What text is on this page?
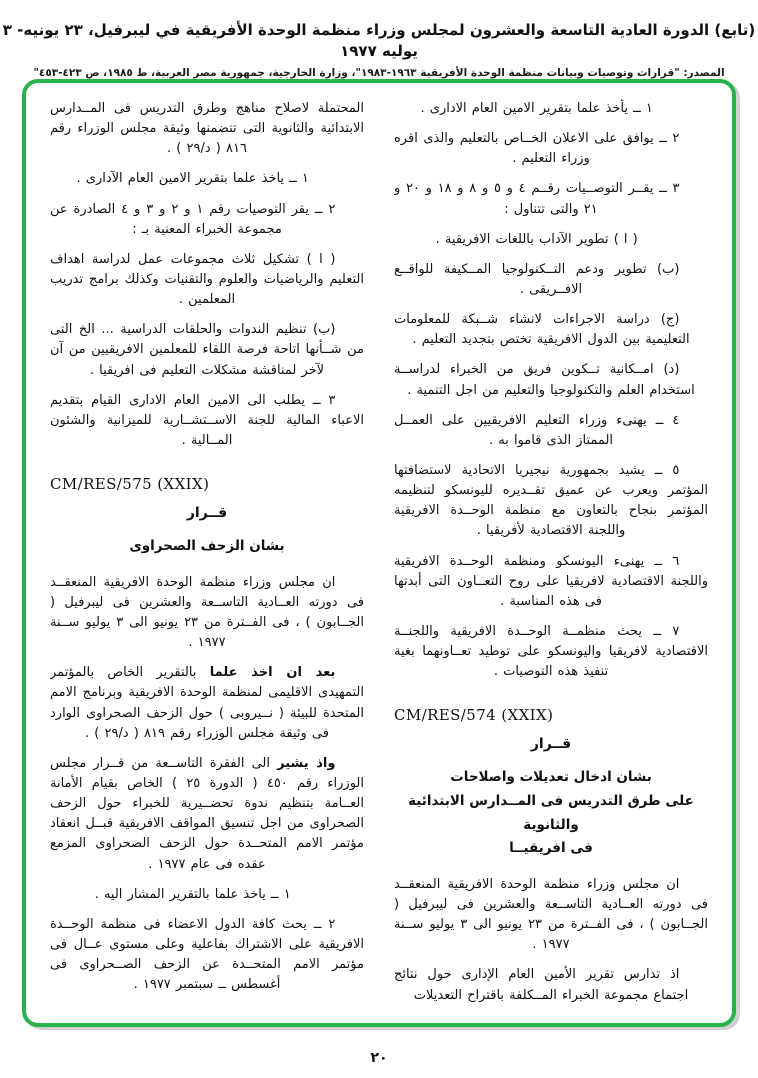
(تابع) الدورة العادية التاسعة والعشرون لمجلس وزراء منظمة الوحدة الأفريقية في ليبرفيل، ٢٣ يونيه- ٣ يوليه ١٩٧٧
المصدر: "قرارات وتوصيات وبيانات منظمة الوحدة الأفريقية ١٩٦٣-١٩٨٣"، وزارة الخارجية، جمهورية مصر العربية، ط ١٩٨٥، ص ٤٢٣-٤٥٣"

١ ــ يأخذ علما بتقرير الامين العام الادارى .

٢ ــ يوافق على الاعلان الخــاص بالتعليم والذى اقره وزراء التعليم .

٣ ــ يقــر التوصــيات رقــم ٤ و ٥ و ٨ و ١٨ و ٢٠ و ٢١ والتى تتناول :

( ا ) تطوير الآداب باللغات الافريقية .

(ب) تطوير ودعم التــكنولوجيا المــكيفة للواقــع الافــريقى .

(ج) دراسة الاجراءات لانشاء شــبكة للمعلومات التعليمية بين الدول الافريقية تختص بتجديد التعليم .

(د) امــكانية تــكوين فريق من الخبراء لدراســة استخدام العلم والتكنولوجيا والتعليم من اجل التنمية .

٤ ــ يهنىء وزراء التعليم الافريقيين على العمــل الممتاز الذى قاموا به .

٥ ــ يشيد بجمهورية نيجيريا الاتحادية لاستضافتها المؤتمر ويعرب عن عميق تقــديره لليونسكو لتنظيمه المؤتمر بنجاح بالتعاون مع منظمة الوحــدة الافريقية واللجنة الاقتصادية لأفريقيا .

٦ ــ يهنىء اليونسكو ومنظمة الوحــدة الافريقية واللجنة الاقتصادية لافريقيا على روح التعــاون التى أبدتها فى هذه المناسبة .

٧ ــ يحث منظمــة الوحــدة الافريقية واللجنــة الاقتصادية لافريقيا واليونسكو على توطيد تعــاونهما بغية تنفيذ هذه التوصيات .

CM/RES/574 (XXIX)
قــرار
بشان ادخال تعديلات واصلاحات
على طرق التدريس فى المــدارس الابتدائية والثانوية
فى افريقيــا

ان مجلس وزراء منظمة الوحدة الافريقية المنعقــد فى دورته العــادية التاســعة والعشرين فى ليبرفيل ( الجــابون ) ، فى الفــترة من ٢٣ يونيو الى ٣ يوليو ســنة ١٩٧٧ .

اذ تدارس تقرير الأمين العام الإدارى حول نتائج اجتماع مجموعة الخبراء المــكلفة باقتراح التعديلات

المحتملة لاصلاح مناهج وطرق التدريس فى المــدارس الابتدائية والثانوية التى تتضمنها وثيقة مجلس الوزراء رقم ٨١٦ ( د/٢٩ ) .

١ ــ ياخذ علما بتقرير الامين العام الآدارى .

٢ ــ يقر التوصيات رقم ١ و ٢ و ٣ و ٤ الصادرة عن مجموعة الخبراء المعنية بـ :

( ا ) تشكيل ثلاث مجموعات عمل لدراسة اهداف التعليم والرياضيات والعلوم والتقنيات وكذلك برامج تدريب المعلمين .

(ب) تنظيم الندوات والحلقات الدراسية ... الخ التى من شــأنها اتاحة فرصة اللقاء للمعلمين الافريقيين من آن لآخر لمناقشة مشكلات التعليم فى افريقيا .

٣ ــ يطلب الى الامين العام الادارى القيام بتقديم الاعباء المالية للجنة الاســتشــارية للميزانية والشئون المــالية .

CM/RES/575 (XXIX)
قــرار
بشان الزحف الصحراوى

ان مجلس وزراء منظمة الوحدة الافريقية المنعقــد فى دورته العــادية التاســعة والعشرين فى ليبرفيل ( الجــابون ) ، فى الفــترة من ٢٣ يونيو الى ٣ يوليو ســنة ١٩٧٧ .

بعد ان اخذ علما بالتقرير الخاص بالمؤتمر التمهيدى الاقليمى لمنظمة الوحدة الافريقية وبرنامج الامم المتحدة للبيئة ( نــيروبى ) حول الزحف الصحراوى الوارد فى وثيقة مجلس الوزراء رقم ٨١٩ ( د/٢٩ ) .

واذ يشير الى الفقرة التاســعة من قــرار مجلس الوزراء رقم ٤٥٠ ( الدورة ٢٥ ) الخاص بقيام الأمانة العــامة بتنظيم ندوة تحضــيرية للخبراء حول الزحف الصحراوى من اجل تنسيق المواقف الافريقية قبــل انعقاد مؤتمر الامم المتحــدة حول الزحف الصحراوى المزمع عقده فى عام ١٩٧٧ .

١ ــ ياخذ علما بالتقرير المشار اليه .

٢ ــ يحث كافة الدول الاعضاء فى منظمة الوحــدة الافريقية على الاشتراك بفاعلية وعلى مستوى عــال فى مؤتمر الامم المتحــدة عن الزحف الصــحراوى فى أغسطس ــ سبتمبر ١٩٧٧ .

٢٠
